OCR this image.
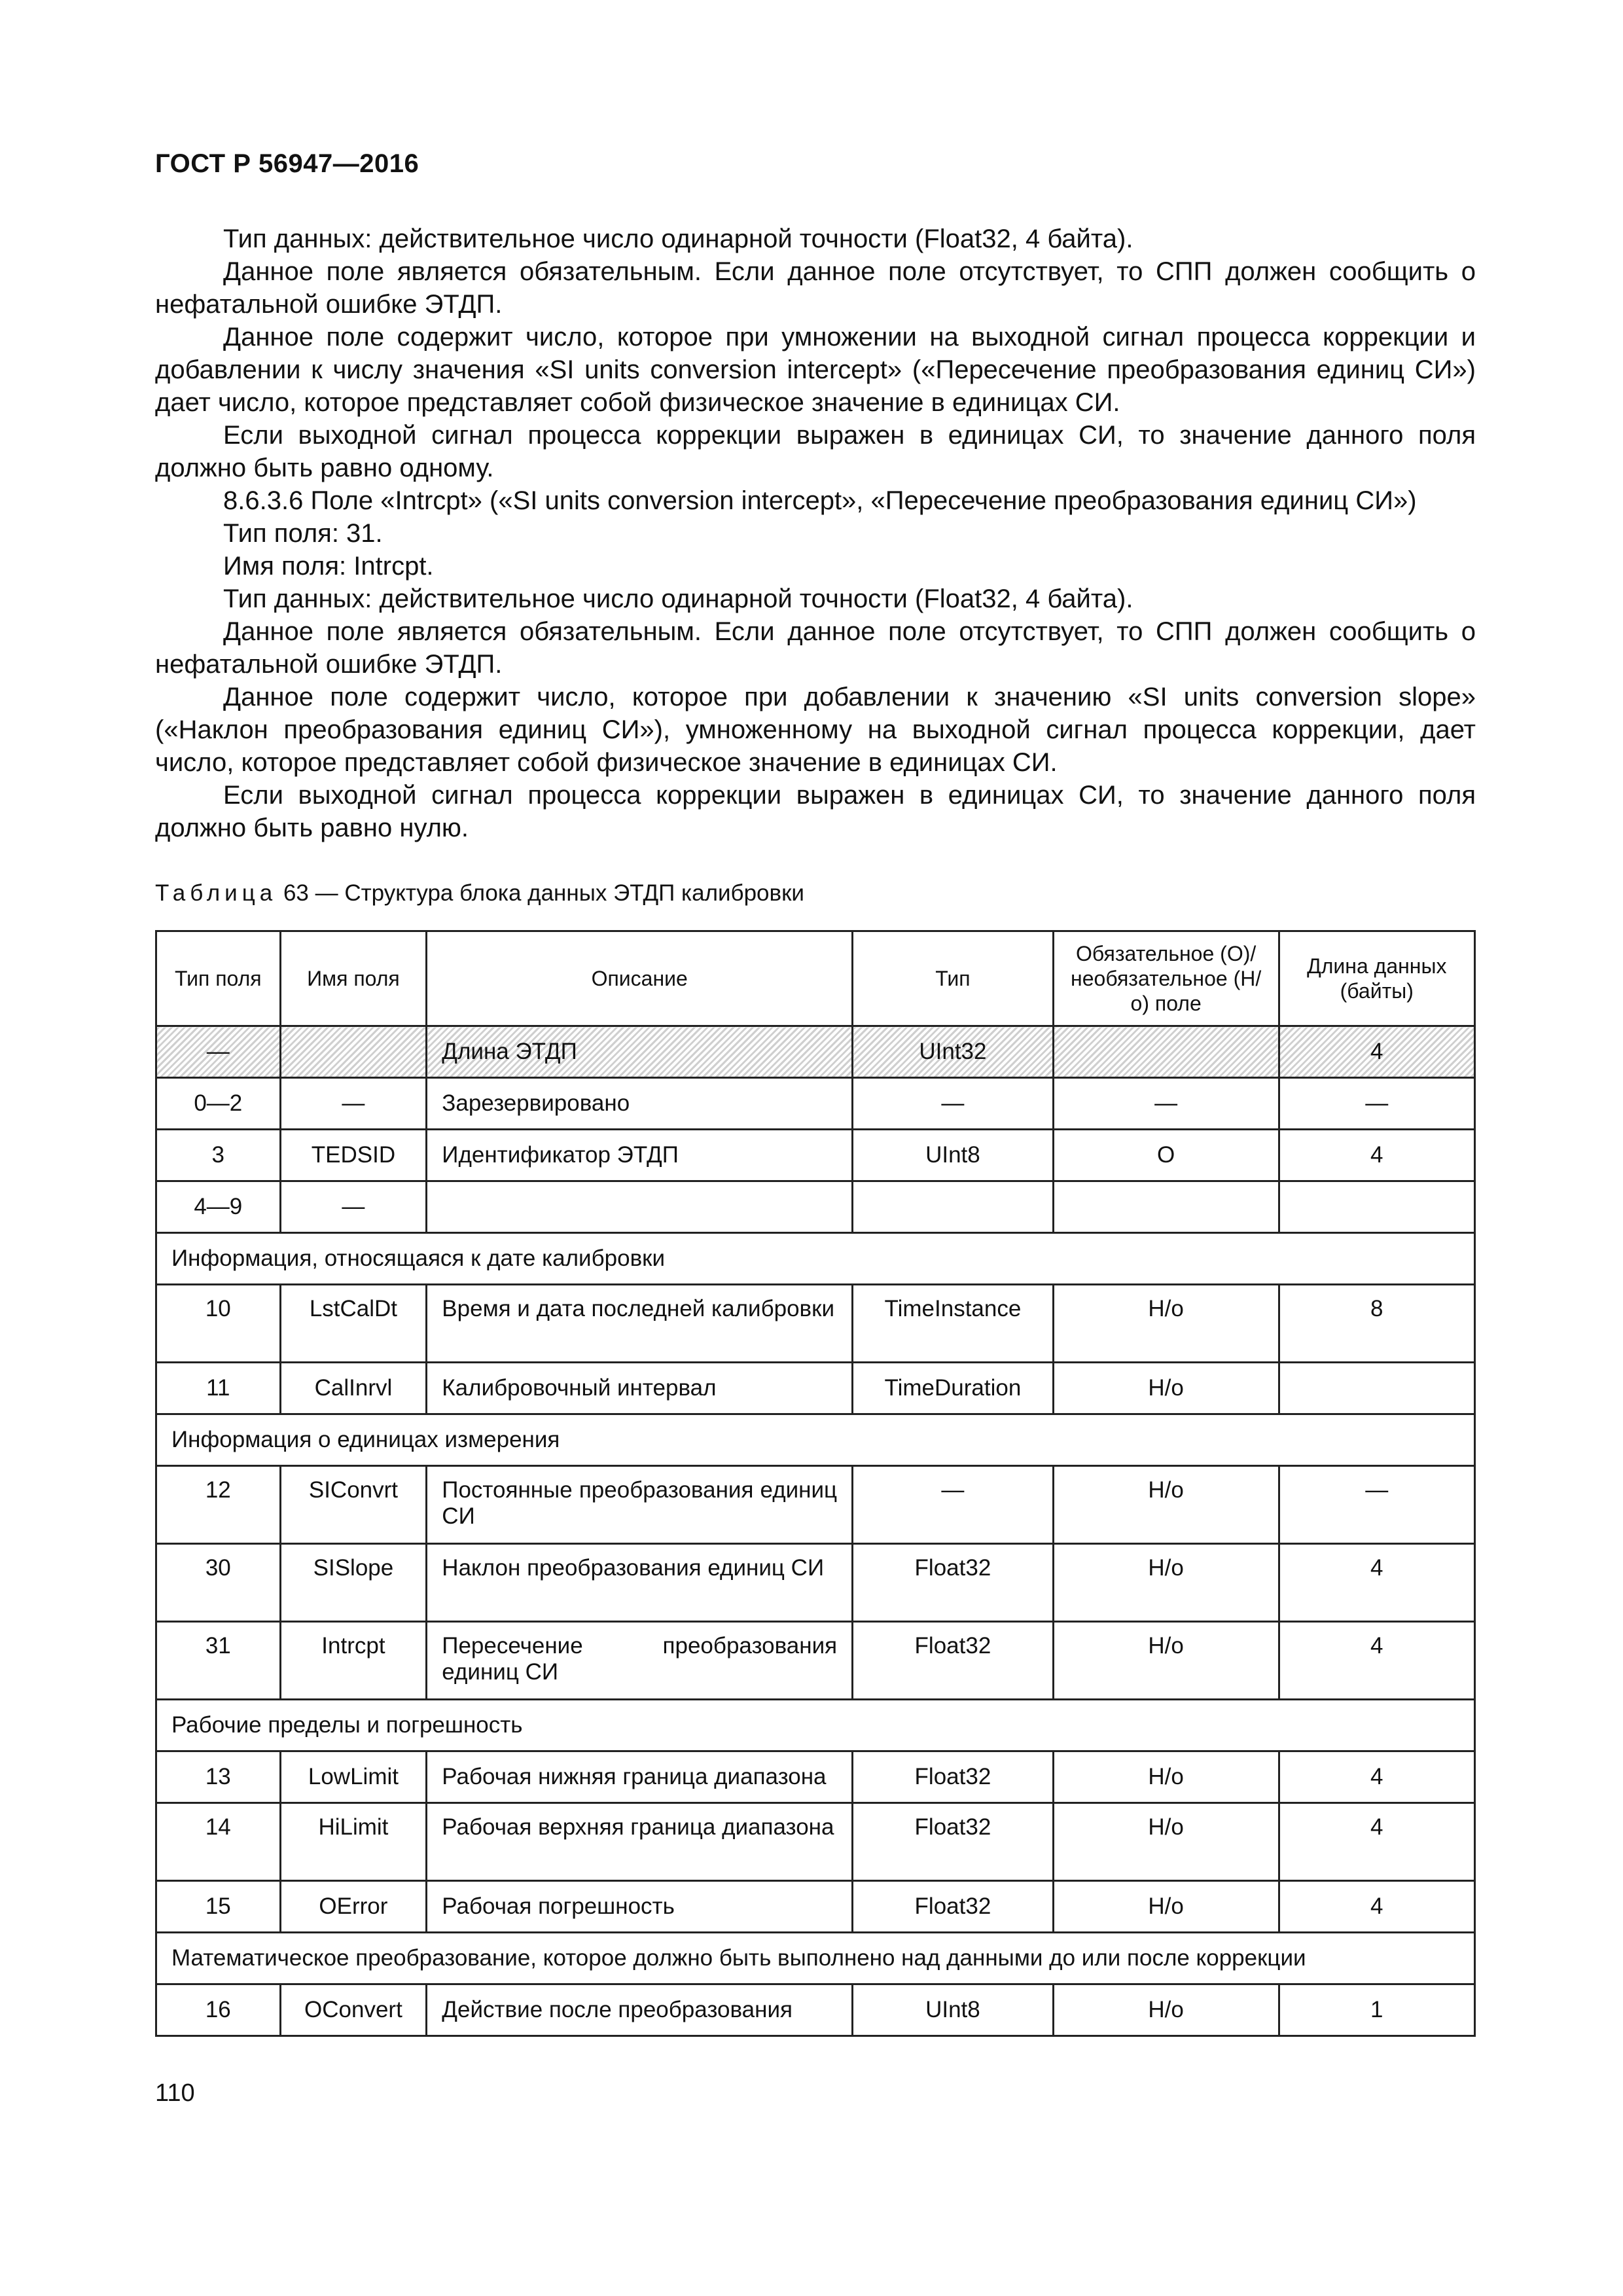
ГОСТ Р 56947—2016

Тип данных: действительное число одинарной точности (Float32, 4 байта).

Данное поле является обязательным. Если данное поле отсутствует, то СПП должен сообщить о нефатальной ошибке ЭТДП.

Данное поле содержит число, которое при умножении на выходной сигнал процесса коррекции и добавлении к числу значения «SI units conversion intercept» («Пересечение преобразования единиц СИ») дает число, которое представляет собой физическое значение в единицах СИ.

Если выходной сигнал процесса коррекции выражен в единицах СИ, то значение данного поля должно быть равно одному.

8.6.3.6 Поле «Intrcpt» («SI units conversion intercept», «Пересечение преобразования единиц СИ»)

Тип поля: 31.

Имя поля: Intrcpt.

Тип данных: действительное число одинарной точности (Float32, 4 байта).

Данное поле является обязательным. Если данное поле отсутствует, то СПП должен сообщить о нефатальной ошибке ЭТДП.

Данное поле содержит число, которое при добавлении к значению «SI units conversion slope» («Наклон преобразования единиц СИ»), умноженному на выходной сигнал процесса коррекции, дает число, которое представляет собой физическое значение в единицах СИ.

Если выходной сигнал процесса коррекции выражен в единицах СИ, то значение данного поля должно быть равно нулю.

Таблица 63 — Структура блока данных ЭТДП калибровки
Тип поля	Имя поля	Описание	Тип	Обязательное (О)/ необязательное (Н/о) поле	Длина данных (байты)
—		Длина ЭТДП	UInt32		4
0—2	—	Зарезервировано	—	—	—
3	TEDSID	Идентификатор ЭТДП	UInt8	О	4
4—9	—				
Информация, относящаяся к дате калибровки					
10	LstCalDt	Время и дата последней калибровки	TimeInstance	Н/о	8
11	CalInrvl	Калибровочный интервал	TimeDuration	Н/о	
Информация о единицах измерения					
12	SIConvrt	Постоянные преобразования единиц СИ	—	Н/о	—
30	SISlope	Наклон преобразования единиц СИ	Float32	Н/о	4
31	Intrcpt	Пересечение преобразования единиц СИ	Float32	Н/о	4
Рабочие пределы и погрешность					
13	LowLimit	Рабочая нижняя граница диапазона	Float32	Н/о	4
14	HiLimit	Рабочая верхняя граница диапазона	Float32	Н/о	4
15	OError	Рабочая погрешность	Float32	Н/о	4
Математическое преобразование, которое должно быть выполнено над данными до или после коррекции					
16	OConvert	Действие после преобразования	UInt8	Н/о	1
110
